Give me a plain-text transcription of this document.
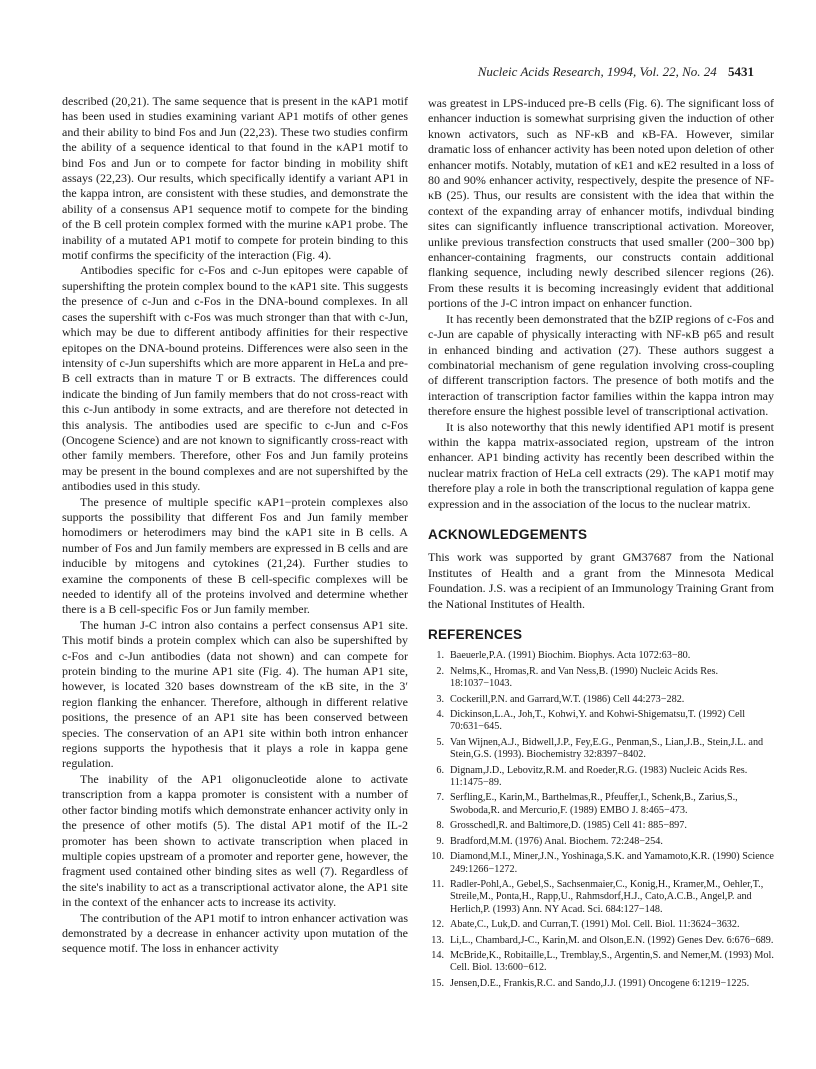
Nucleic Acids Research, 1994, Vol. 22, No. 24 5431

described (20,21). The same sequence that is present in the κAP1 motif has been used in studies examining variant AP1 motifs of other genes and their ability to bind Fos and Jun (22,23). These two studies confirm the ability of a sequence identical to that found in the κAP1 motif to bind Fos and Jun or to compete for factor binding in mobility shift assays (22,23). Our results, which specifically identify a variant AP1 in the kappa intron, are consistent with these studies, and demonstrate the ability of a consensus AP1 sequence motif to compete for the binding of the B cell protein complex formed with the murine κAP1 probe. The inability of a mutated AP1 motif to compete for protein binding to this motif confirms the specificity of the interaction (Fig. 4).

Antibodies specific for c-Fos and c-Jun epitopes were capable of supershifting the protein complex bound to the κAP1 site. This suggests the presence of c-Jun and c-Fos in the DNA-bound complexes. In all cases the supershift with c-Fos was much stronger than that with c-Jun, which may be due to different antibody affinities for their respective epitopes on the DNA-bound proteins. Differences were also seen in the intensity of c-Jun supershifts which are more apparent in HeLa and pre-B cell extracts than in mature T or B extracts. The differences could indicate the binding of Jun family members that do not cross-react with this c-Jun antibody in some extracts, and are therefore not detected in this analysis. The antibodies used are specific to c-Jun and c-Fos (Oncogene Science) and are not known to significantly cross-react with other family members. Therefore, other Fos and Jun family proteins may be present in the bound complexes and are not supershifted by the antibodies used in this study.

The presence of multiple specific κAP1−protein complexes also supports the possibility that different Fos and Jun family member homodimers or heterodimers may bind the κAP1 site in B cells. A number of Fos and Jun family members are expressed in B cells and are inducible by mitogens and cytokines (21,24). Further studies to examine the components of these B cell-specific complexes will be needed to identify all of the proteins involved and determine whether there is a B cell-specific Fos or Jun family member.

The human J-C intron also contains a perfect consensus AP1 site. This motif binds a protein complex which can also be supershifted by c-Fos and c-Jun antibodies (data not shown) and can compete for protein binding to the murine AP1 site (Fig. 4). The human AP1 site, however, is located 320 bases downstream of the κB site, in the 3′ region flanking the enhancer. Therefore, although in different relative positions, the presence of an AP1 site has been conserved between species. The conservation of an AP1 site within both intron enhancer regions supports the hypothesis that it plays a role in kappa gene regulation.

The inability of the AP1 oligonucleotide alone to activate transcription from a kappa promoter is consistent with a number of other factor binding motifs which demonstrate enhancer activity only in the presence of other motifs (5). The distal AP1 motif of the IL-2 promoter has been shown to activate transcription when placed in multiple copies upstream of a promoter and reporter gene, however, the fragment used contained other binding sites as well (7). Regardless of the site's inability to act as a transcriptional activator alone, the AP1 site in the context of the enhancer acts to increase its activity.

The contribution of the AP1 motif to intron enhancer activation was demonstrated by a decrease in enhancer activity upon mutation of the sequence motif. The loss in enhancer activity

was greatest in LPS-induced pre-B cells (Fig. 6). The significant loss of enhancer induction is somewhat surprising given the induction of other known activators, such as NF-κB and κB-FA. However, similar dramatic loss of enhancer activity has been noted upon deletion of other enhancer motifs. Notably, mutation of κE1 and κE2 resulted in a loss of 80 and 90% enhancer activity, respectively, despite the presence of NF-κB (25). Thus, our results are consistent with the idea that within the context of the expanding array of enhancer motifs, indivdual binding sites can significantly influence transcriptional activation. Moreover, unlike previous transfection constructs that used smaller (200−300 bp) enhancer-containing fragments, our constructs contain additional flanking sequence, including newly described silencer regions (26). From these results it is becoming increasingly evident that additional portions of the J-C intron impact on enhancer function.

It has recently been demonstrated that the bZIP regions of c-Fos and c-Jun are capable of physically interacting with NF-κB p65 and result in enhanced binding and activation (27). These authors suggest a combinatorial mechanism of gene regulation involving cross-coupling of different transcription factors. The presence of both motifs and the interaction of transcription factor families within the kappa intron may therefore ensure the highest possible level of transcriptional activation.

It is also noteworthy that this newly identified AP1 motif is present within the kappa matrix-associated region, upstream of the intron enhancer. AP1 binding activity has recently been described within the nuclear matrix fraction of HeLa cell extracts (29). The κAP1 motif may therefore play a role in both the transcriptional regulation of kappa gene expression and in the association of the locus to the nuclear matrix.

ACKNOWLEDGEMENTS

This work was supported by grant GM37687 from the National Institutes of Health and a grant from the Minnesota Medical Foundation. J.S. was a recipient of an Immunology Training Grant from the National Institutes of Health.

REFERENCES
1. Baeuerle,P.A. (1991) Biochim. Biophys. Acta 1072:63−80.
2. Nelms,K., Hromas,R. and Van Ness,B. (1990) Nucleic Acids Res. 18:1037−1043.
3. Cockerill,P.N. and Garrard,W.T. (1986) Cell 44:273−282.
4. Dickinson,L.A., Joh,T., Kohwi,Y. and Kohwi-Shigematsu,T. (1992) Cell 70:631−645.
5. Van Wijnen,A.J., Bidwell,J.P., Fey,E.G., Penman,S., Lian,J.B., Stein,J.L. and Stein,G.S. (1993). Biochemistry 32:8397−8402.
6. Dignam,J.D., Lebovitz,R.M. and Roeder,R.G. (1983) Nucleic Acids Res. 11:1475−89.
7. Serfling,E., Karin,M., Barthelmas,R., Pfeuffer,I., Schenk,B., Zarius,S., Swoboda,R. and Mercurio,F. (1989) EMBO J. 8:465−473.
8. Grosschedl,R. and Baltimore,D. (1985) Cell 41: 885−897.
9. Bradford,M.M. (1976) Anal. Biochem. 72:248−254.
10. Diamond,M.I., Miner,J.N., Yoshinaga,S.K. and Yamamoto,K.R. (1990) Science 249:1266−1272.
11. Radler-Pohl,A., Gebel,S., Sachsenmaier,C., Konig,H., Kramer,M., Oehler,T., Streile,M., Ponta,H., Rapp,U., Rahmsdorf,H.J., Cato,A.C.B., Angel,P. and Herlich,P. (1993) Ann. NY Acad. Sci. 684:127−148.
12. Abate,C., Luk,D. and Curran,T. (1991) Mol. Cell. Biol. 11:3624−3632.
13. Li,L., Chambard,J-C., Karin,M. and Olson,E.N. (1992) Genes Dev. 6:676−689.
14. McBride,K., Robitaille,L., Tremblay,S., Argentin,S. and Nemer,M. (1993) Mol. Cell. Biol. 13:600−612.
15. Jensen,D.E., Frankis,R.C. and Sando,J.J. (1991) Oncogene 6:1219−1225.
